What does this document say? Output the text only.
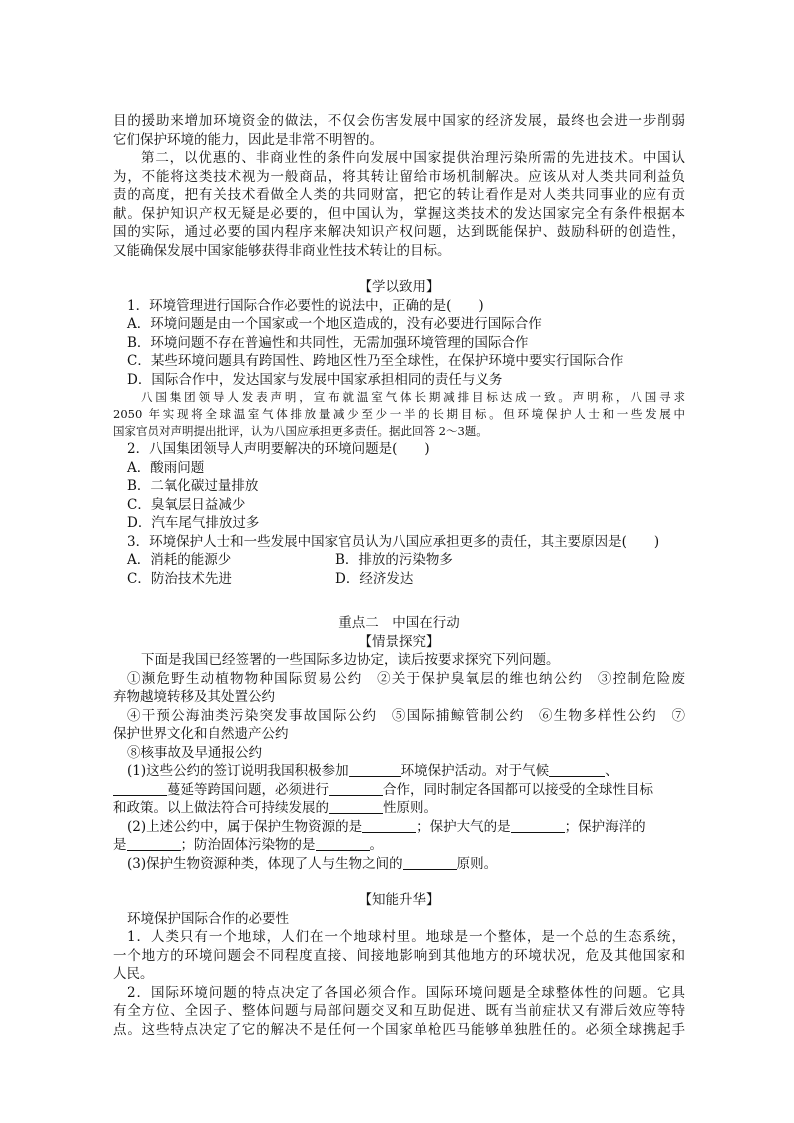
目的援助来增加环境资金的做法，不仅会伤害发展中国家的经济发展，最终也会进一步削弱
它们保护环境的能力，因此是非常不明智的。
第二，以优惠的、非商业性的条件向发展中国家提供治理污染所需的先进技术。中国认
为，不能将这类技术视为一般商品，将其转让留给市场机制解决。应该从对人类共同利益负
责的高度，把有关技术看做全人类的共同财富，把它的转让看作是对人类共同事业的应有贡
献。保护知识产权无疑是必要的，但中国认为，掌握这类技术的发达国家完全有条件根据本
国的实际，通过必要的国内程序来解决知识产权问题，达到既能保护、鼓励科研的创造性，
又能确保发展中国家能够获得非商业性技术转让的目标。
【学以致用】
1．环境管理进行国际合作必要性的说法中，正确的是(　　)
A．环境问题是由一个国家或一个地区造成的，没有必要进行国际合作
B．环境问题不存在普遍性和共同性，无需加强环境管理的国际合作
C．某些环境问题具有跨国性、跨地区性乃至全球性，在保护环境中要实行国际合作
D．国际合作中，发达国家与发展中国家承担相同的责任与义务
八国集团领导人发表声明，宣布就温室气体长期减排目标达成一致。声明称，八国寻求
2050 年实现将全球温室气体排放量减少至少一半的长期目标。但环境保护人士和一些发展中
国家官员对声明提出批评，认为八国应承担更多责任。据此回答 2～3题。
2．八国集团领导人声明要解决的环境问题是(　　)
A．酸雨问题
B．二氧化碳过量排放
C．臭氧层日益减少
D．汽车尾气排放过多
3．环境保护人士和一些发展中国家官员认为八国应承担更多的责任，其主要原因是(　　)
A．消耗的能源少	B．排放的污染物多
C．防治技术先进	D．经济发达
重点二　中国在行动
【情景探究】
下面是我国已经签署的一些国际多边协定，读后按要求探究下列问题。
①濒危野生动植物物种国际贸易公约　②关于保护臭氧层的维也纳公约　③控制危险废
弃物越境转移及其处置公约
④干预公海油类污染突发事故国际公约　⑤国际捕鲸管制公约　⑥生物多样性公约　⑦
保护世界文化和自然遗产公约
⑧核事故及早通报公约
(1)这些公约的签订说明我国积极参加	环境保护活动。对于气候	、
蔓延等跨国问题，必须进行	合作，同时制定各国都可以接受的全球性目标
和政策。以上做法符合可持续发展的	性原则。
(2)上述公约中，属于保护生物资源的是	；保护大气的是	；保护海洋的
是	；防治固体污染物的是	。
(3)保护生物资源种类，体现了人与生物之间的	原则。
【知能升华】
环境保护国际合作的必要性
1．人类只有一个地球，人们在一个地球村里。地球是一个整体，是一个总的生态系统，
一个地方的环境问题会不同程度直接、间接地影响到其他地方的环境状况，危及其他国家和
人民。
2．国际环境问题的特点决定了各国必须合作。国际环境问题是全球整体性的问题。它具
有全方位、全因子、整体问题与局部问题交叉和互助促进、既有当前症状又有滞后效应等特
点。这些特点决定了它的解决不是任何一个国家单枪匹马能够单独胜任的。必须全球携起手
